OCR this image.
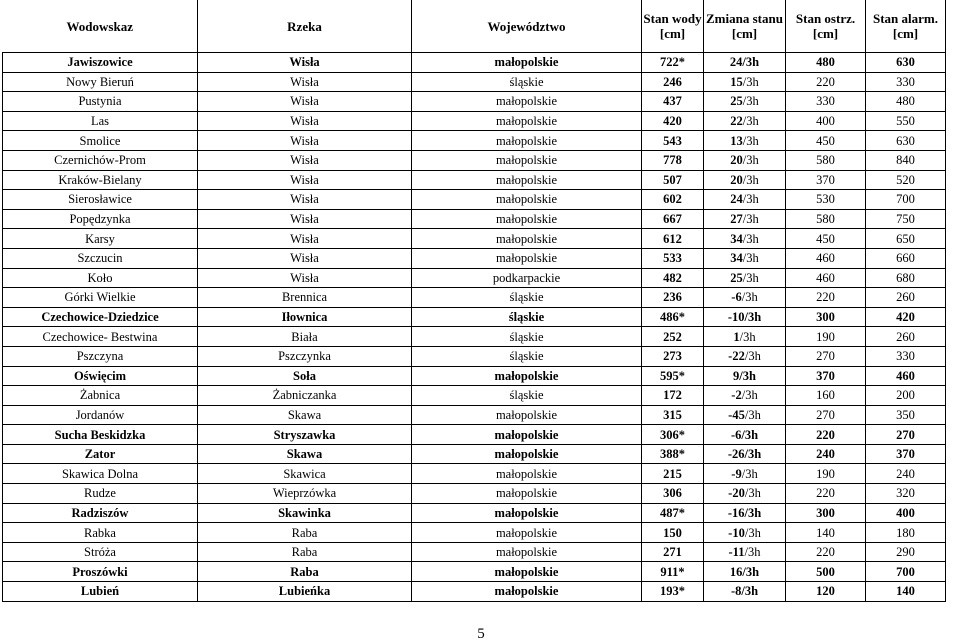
Wodowskaz	Rzeka	Województwo	Stan wody [cm]	Zmiana stanu [cm]	Stan ostrz. [cm]	Stan alarm. [cm]
Jawiszowice	Wisła	małopolskie	722*	24/3h	480	630
Nowy Bieruń	Wisła	śląskie	246	15/3h	220	330
Pustynia	Wisła	małopolskie	437	25/3h	330	480
Las	Wisła	małopolskie	420	22/3h	400	550
Smolice	Wisła	małopolskie	543	13/3h	450	630
Czernichów-Prom	Wisła	małopolskie	778	20/3h	580	840
Kraków-Bielany	Wisła	małopolskie	507	20/3h	370	520
Sierosławice	Wisła	małopolskie	602	24/3h	530	700
Popędzynka	Wisła	małopolskie	667	27/3h	580	750
Karsy	Wisła	małopolskie	612	34/3h	450	650
Szczucin	Wisła	małopolskie	533	34/3h	460	660
Koło	Wisła	podkarpackie	482	25/3h	460	680
Górki Wielkie	Brennica	śląskie	236	-6/3h	220	260
Czechowice-Dziedzice	Iłownica	śląskie	486*	-10/3h	300	420
Czechowice- Bestwina	Biała	śląskie	252	1/3h	190	260
Pszczyna	Pszczynka	śląskie	273	-22/3h	270	330
Oświęcim	Soła	małopolskie	595*	9/3h	370	460
Żabnica	Żabniczanka	śląskie	172	-2/3h	160	200
Jordanów	Skawa	małopolskie	315	-45/3h	270	350
Sucha Beskidzka	Stryszawka	małopolskie	306*	-6/3h	220	270
Zator	Skawa	małopolskie	388*	-26/3h	240	370
Skawica Dolna	Skawica	małopolskie	215	-9/3h	190	240
Rudze	Wieprzówka	małopolskie	306	-20/3h	220	320
Radziszów	Skawinka	małopolskie	487*	-16/3h	300	400
Rabka	Raba	małopolskie	150	-10/3h	140	180
Stróża	Raba	małopolskie	271	-11/3h	220	290
Proszówki	Raba	małopolskie	911*	16/3h	500	700
Lubień	Lubieńka	małopolskie	193*	-8/3h	120	140
5
